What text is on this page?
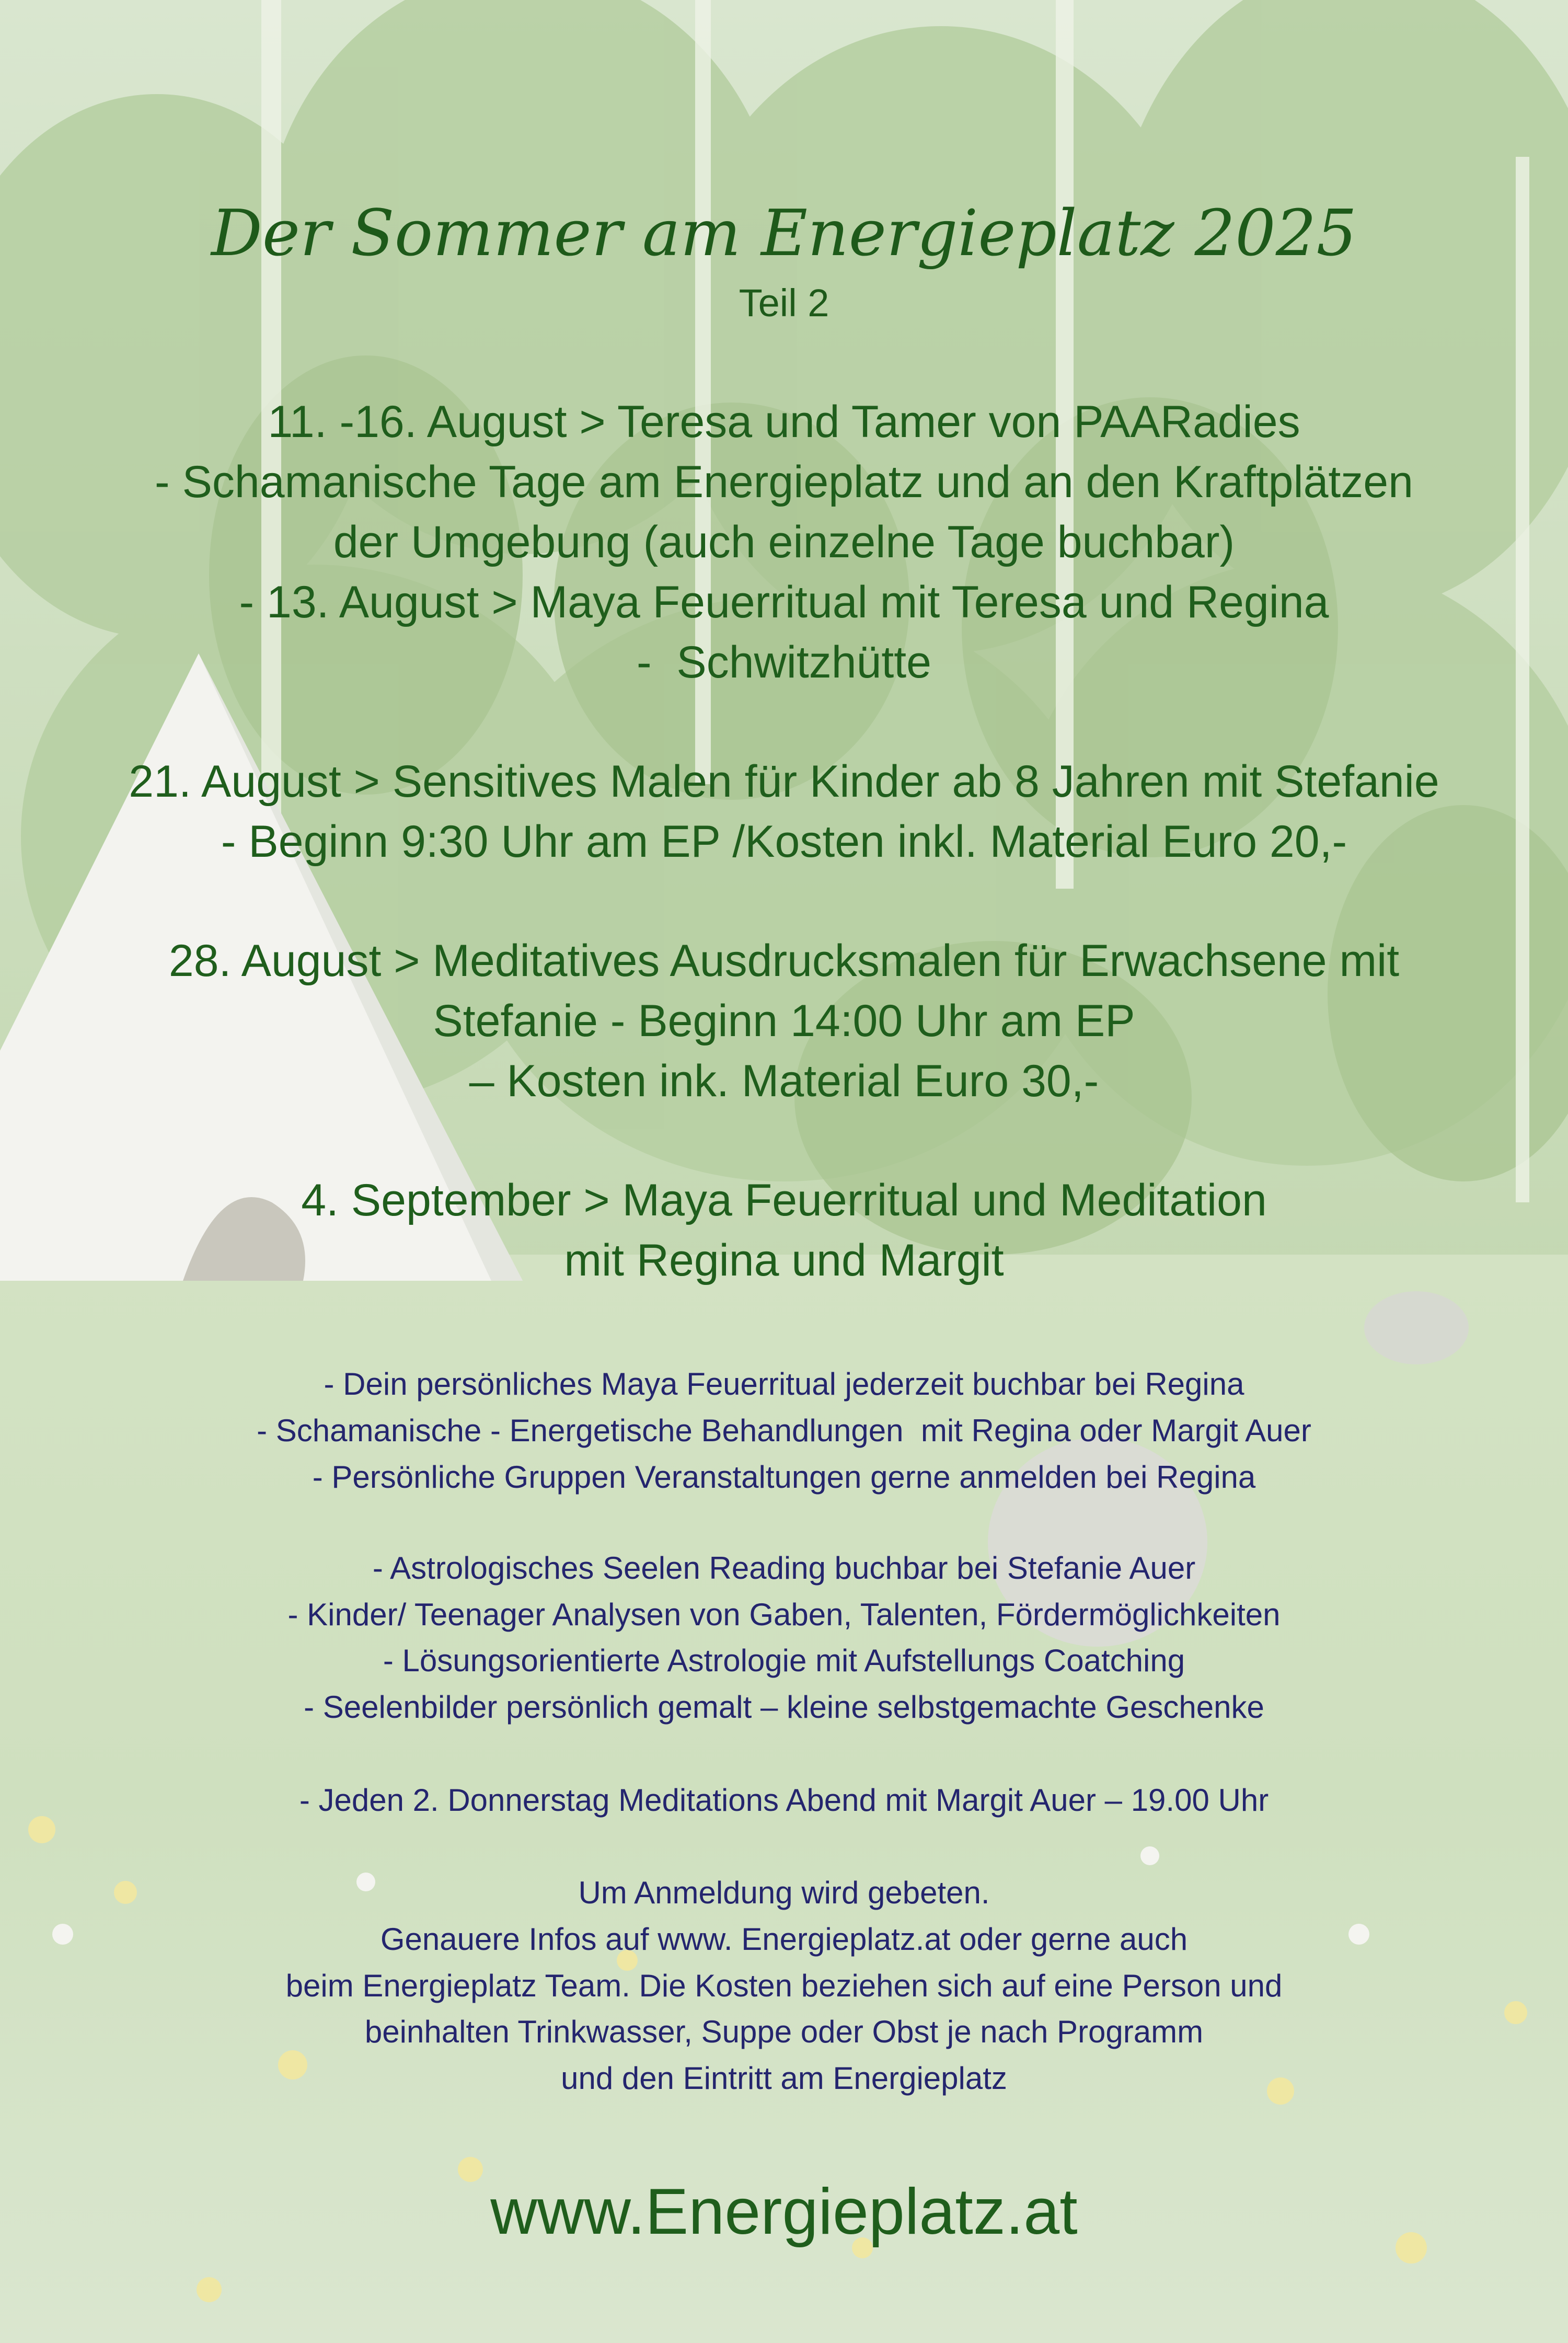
Der Sommer am Energieplatz 2025
Teil 2
11. -16. August > Teresa und Tamer von PAARadies
- Schamanische Tage am Energieplatz und an den Kraftplätzen
der Umgebung (auch einzelne Tage buchbar)
- 13. August > Maya Feuerritual mit Teresa und Regina
-  Schwitzhütte
21. August > Sensitives Malen für Kinder ab 8 Jahren mit Stefanie
- Beginn 9:30 Uhr am EP /Kosten inkl. Material Euro 20,-
28. August > Meditatives Ausdrucksmalen für Erwachsene mit
Stefanie - Beginn 14:00 Uhr am EP
– Kosten ink. Material Euro 30,-
4. September > Maya Feuerritual und Meditation
mit Regina und Margit
- Dein persönliches Maya Feuerritual jederzeit buchbar bei Regina
- Schamanische - Energetische Behandlungen  mit Regina oder Margit Auer
- Persönliche Gruppen Veranstaltungen gerne anmelden bei Regina
- Astrologisches Seelen Reading buchbar bei Stefanie Auer
- Kinder/ Teenager Analysen von Gaben, Talenten, Fördermöglichkeiten
- Lösungsorientierte Astrologie mit Aufstellungs Coatching
- Seelenbilder persönlich gemalt – kleine selbstgemachte Geschenke
- Jeden 2. Donnerstag Meditations Abend mit Margit Auer – 19.00 Uhr
Um Anmeldung wird gebeten.
Genauere Infos auf www. Energieplatz.at oder gerne auch
beim Energieplatz Team. Die Kosten beziehen sich auf eine Person und
beinhalten Trinkwasser, Suppe oder Obst je nach Programm
und den Eintritt am Energieplatz
www.Energieplatz.at
